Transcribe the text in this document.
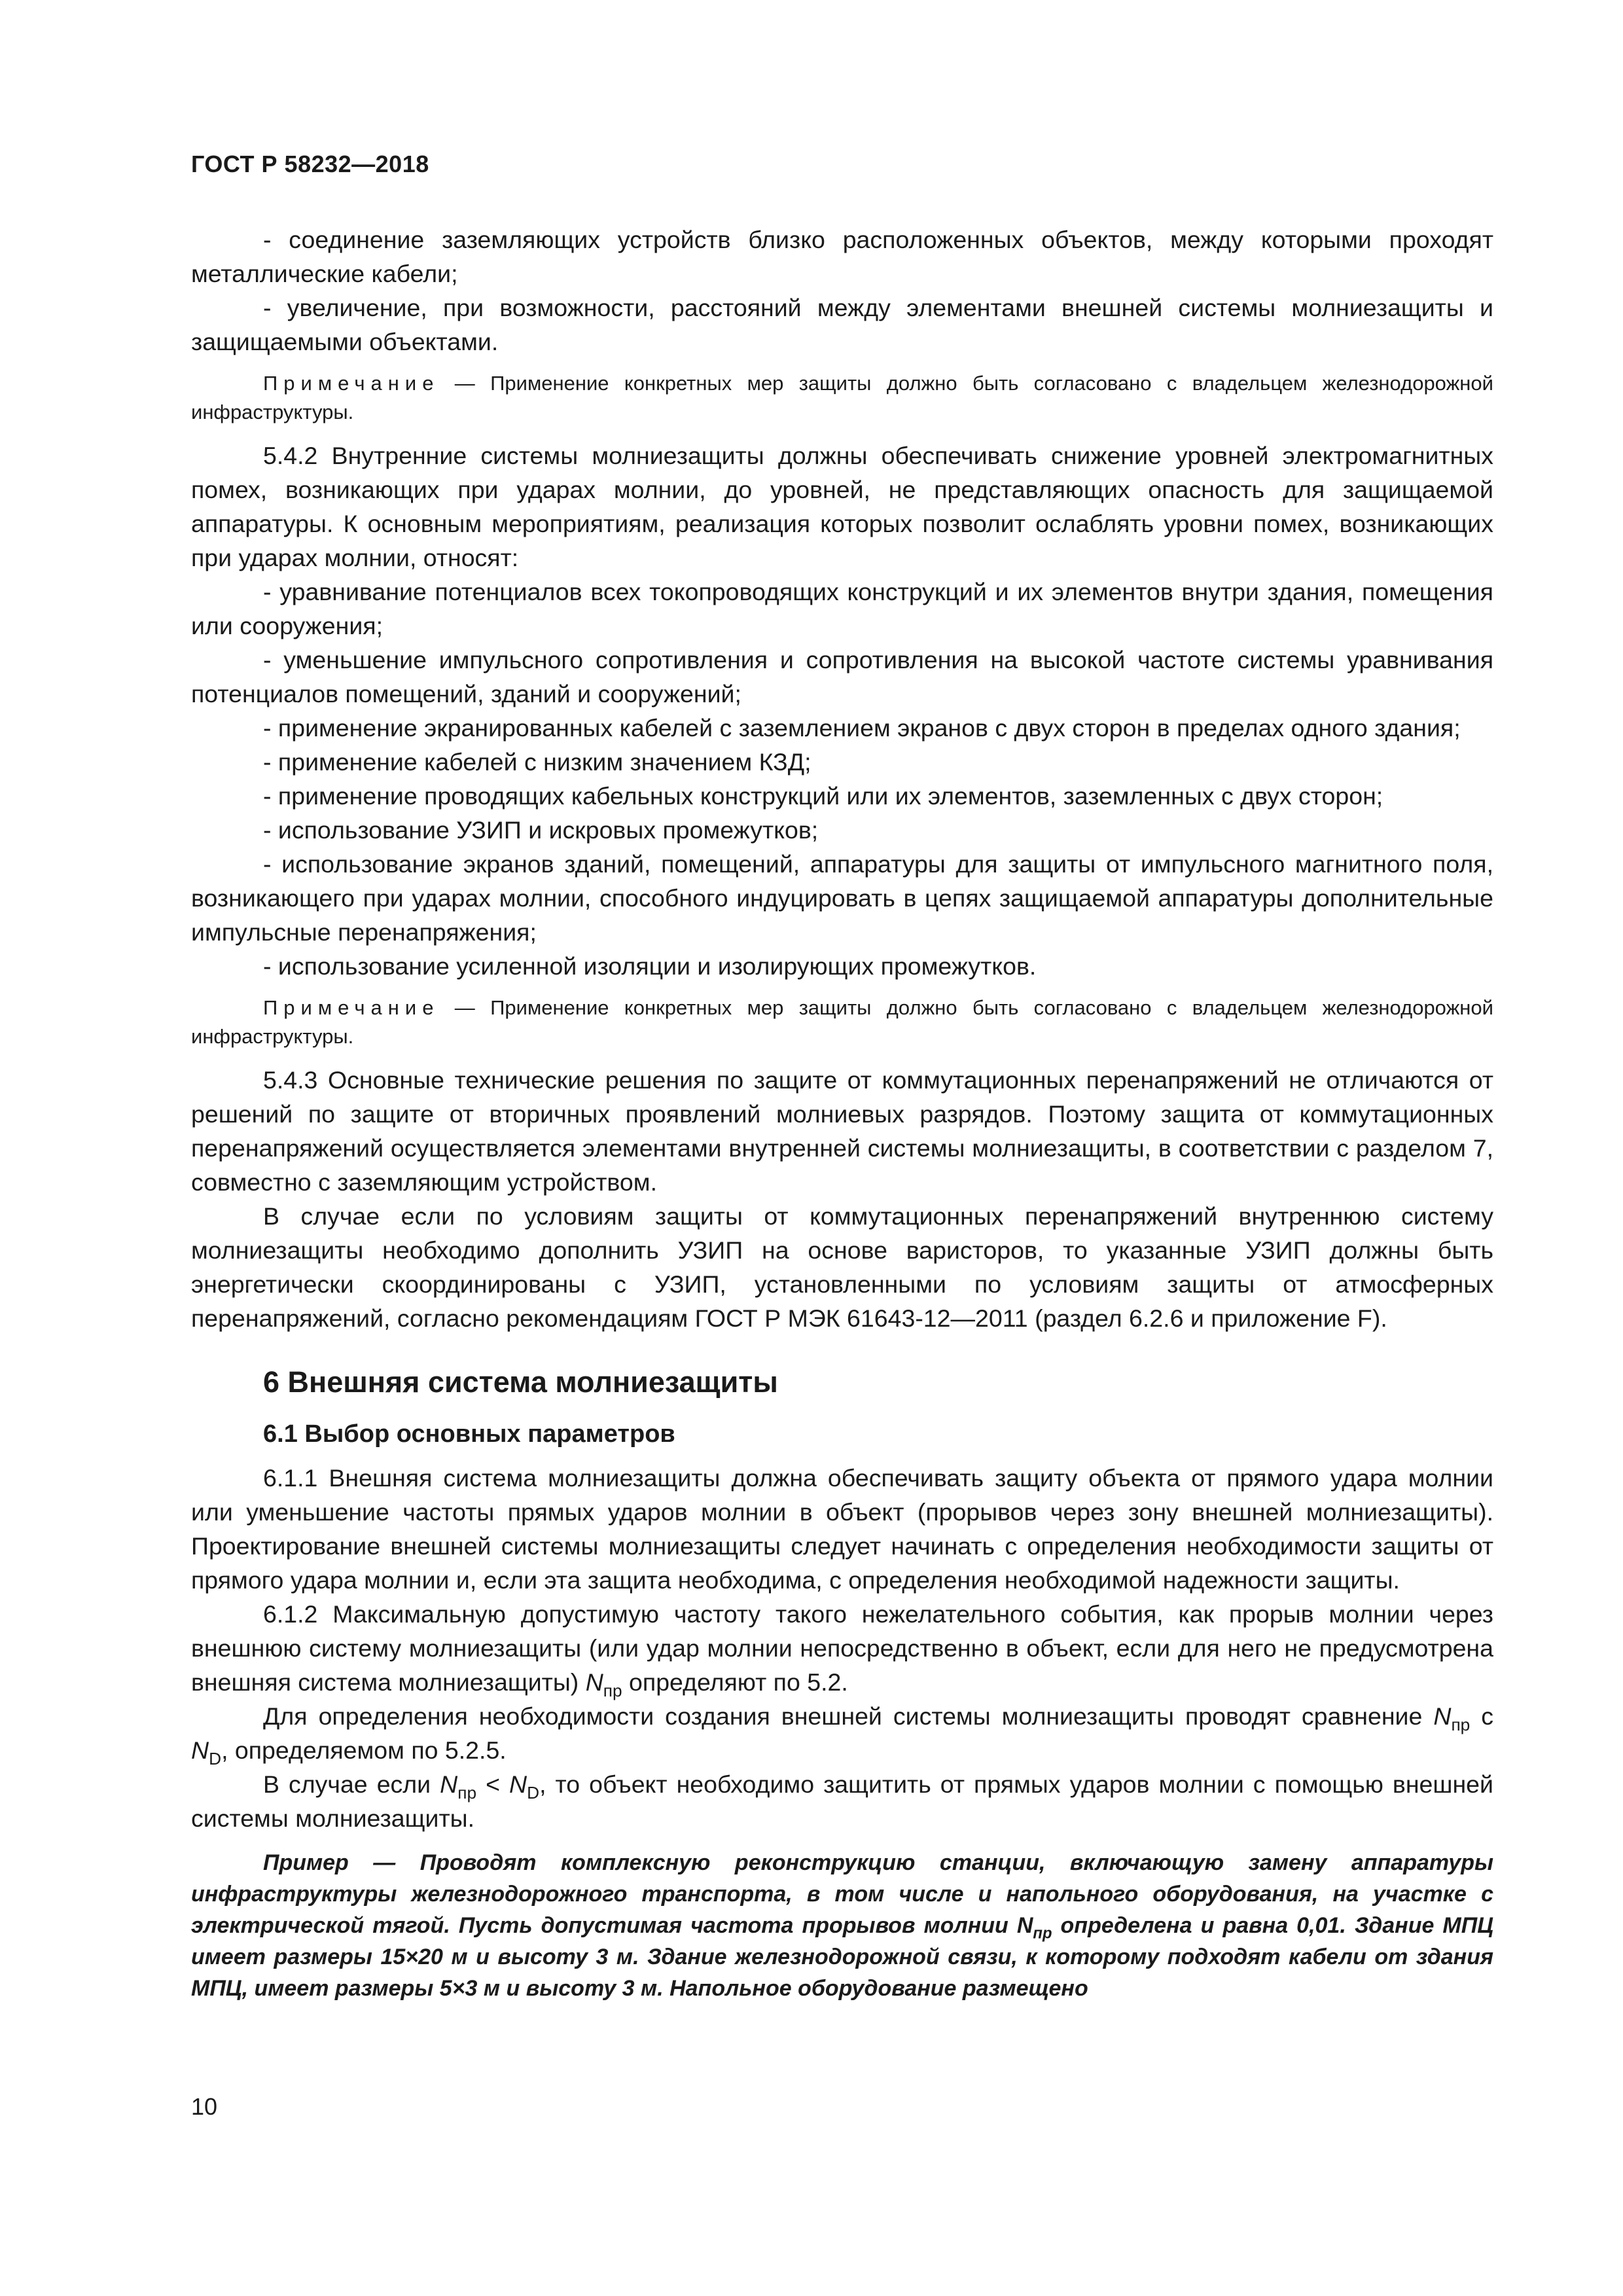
ГОСТ Р 58232—2018

- соединение заземляющих устройств близко расположенных объектов, между которыми проходят металлические кабели;

- увеличение, при возможности, расстояний между элементами внешней системы молниезащиты и защищаемыми объектами.

Примечание — Применение конкретных мер защиты должно быть согласовано с владельцем железнодорожной инфраструктуры.

5.4.2 Внутренние системы молниезащиты должны обеспечивать снижение уровней электромагнитных помех, возникающих при ударах молнии, до уровней, не представляющих опасность для защищаемой аппаратуры. К основным мероприятиям, реализация которых позволит ослаблять уровни помех, возникающих при ударах молнии, относят:

- уравнивание потенциалов всех токопроводящих конструкций и их элементов внутри здания, помещения или сооружения;

- уменьшение импульсного сопротивления и сопротивления на высокой частоте системы уравнивания потенциалов помещений, зданий и сооружений;

- применение экранированных кабелей с заземлением экранов с двух сторон в пределах одного здания;

- применение кабелей с низким значением КЗД;

- применение проводящих кабельных конструкций или их элементов, заземленных с двух сторон;

- использование УЗИП и искровых промежутков;

- использование экранов зданий, помещений, аппаратуры для защиты от импульсного магнитного поля, возникающего при ударах молнии, способного индуцировать в цепях защищаемой аппаратуры дополнительные импульсные перенапряжения;

- использование усиленной изоляции и изолирующих промежутков.

Примечание — Применение конкретных мер защиты должно быть согласовано с владельцем железнодорожной инфраструктуры.

5.4.3 Основные технические решения по защите от коммутационных перенапряжений не отличаются от решений по защите от вторичных проявлений молниевых разрядов. Поэтому защита от коммутационных перенапряжений осуществляется элементами внутренней системы молниезащиты, в соответствии с разделом 7, совместно с заземляющим устройством.

В случае если по условиям защиты от коммутационных перенапряжений внутреннюю систему молниезащиты необходимо дополнить УЗИП на основе варисторов, то указанные УЗИП должны быть энергетически скоординированы с УЗИП, установленными по условиям защиты от атмосферных перенапряжений, согласно рекомендациям ГОСТ Р МЭК 61643-12—2011 (раздел 6.2.6 и приложение F).

6 Внешняя система молниезащиты
6.1 Выбор основных параметров

6.1.1 Внешняя система молниезащиты должна обеспечивать защиту объекта от прямого удара молнии или уменьшение частоты прямых ударов молнии в объект (прорывов через зону внешней молниезащиты). Проектирование внешней системы молниезащиты следует начинать с определения необходимости защиты от прямого удара молнии и, если эта защита необходима, с определения необходимой надежности защиты.

6.1.2 Максимальную допустимую частоту такого нежелательного события, как прорыв молнии через внешнюю систему молниезащиты (или удар молнии непосредственно в объект, если для него не предусмотрена внешняя система молниезащиты) $N_{пр}$ определяют по 5.2.

Для определения необходимости создания внешней системы молниезащиты проводят сравнение $N_{пр}$ с $N_D$, определяемом по 5.2.5.

В случае если $N_{пр} < N_D$, то объект необходимо защитить от прямых ударов молнии с помощью внешней системы молниезащиты.

Пример — Проводят комплексную реконструкцию станции, включающую замену аппаратуры инфраструктуры железнодорожного транспорта, в том числе и напольного оборудования, на участке с электрической тягой. Пусть допустимая частота прорывов молнии $N_{пр}$ определена и равна 0,01. Здание МПЦ имеет размеры 15×20 м и высоту 3 м. Здание железнодорожной связи, к которому подходят кабели от здания МПЦ, имеет размеры 5×3 м и высоту 3 м. Напольное оборудование размещено

10
